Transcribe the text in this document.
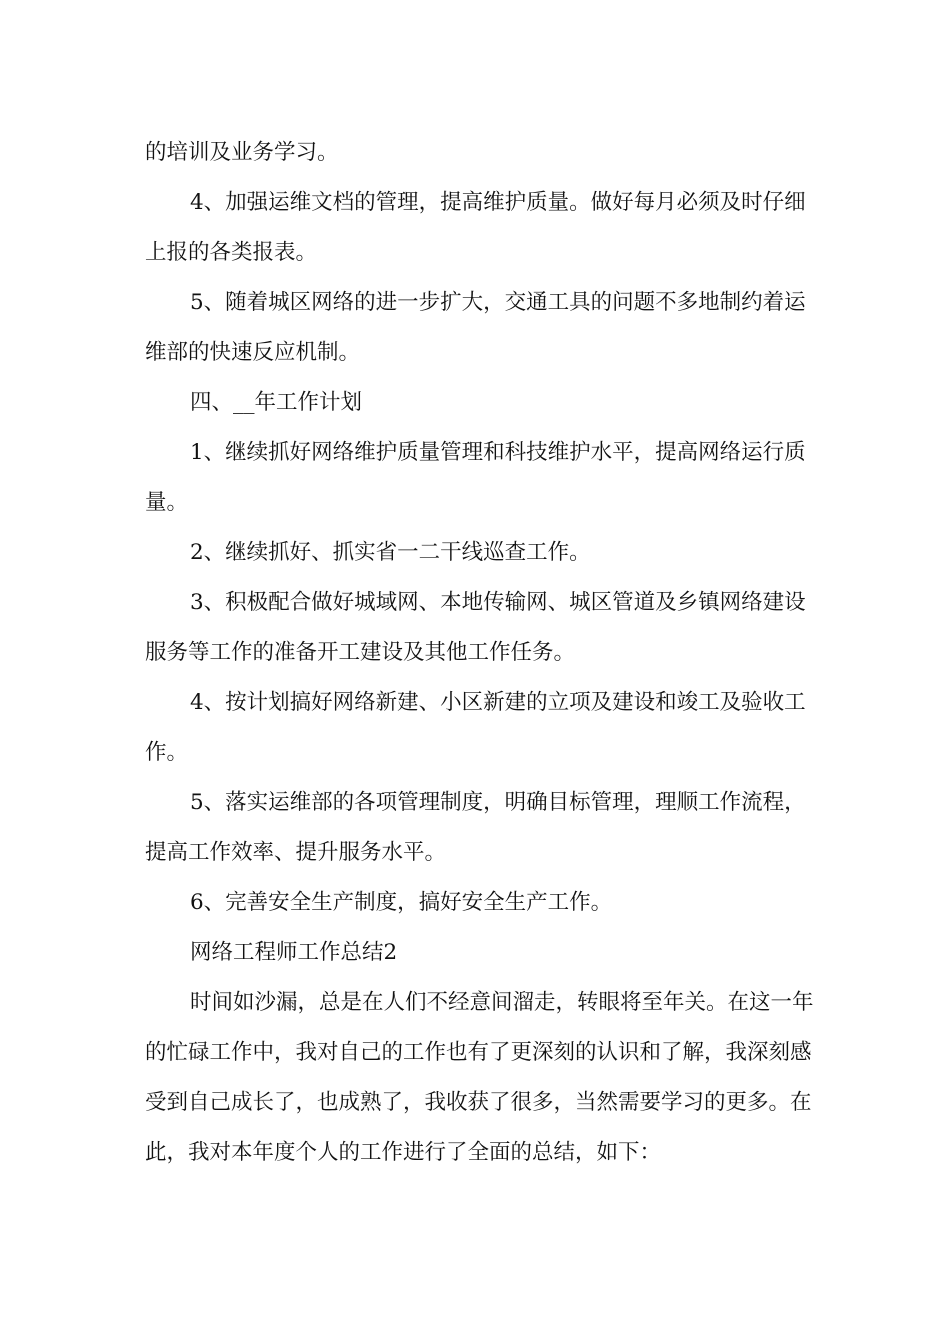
的培训及业务学习。

4、加强运维文档的管理，提高维护质量。做好每月必须及时仔细上报的各类报表。

5、随着城区网络的进一步扩大，交通工具的问题不多地制约着运维部的快速反应机制。

四、__年工作计划

1、继续抓好网络维护质量管理和科技维护水平，提高网络运行质量。

2、继续抓好、抓实省一二干线巡查工作。

3、积极配合做好城域网、本地传输网、城区管道及乡镇网络建设服务等工作的准备开工建设及其他工作任务。

4、按计划搞好网络新建、小区新建的立项及建设和竣工及验收工作。

5、落实运维部的各项管理制度，明确目标管理，理顺工作流程，提高工作效率、提升服务水平。

6、完善安全生产制度，搞好安全生产工作。

网络工程师工作总结2

时间如沙漏，总是在人们不经意间溜走，转眼将至年关。在这一年的忙碌工作中，我对自己的工作也有了更深刻的认识和了解，我深刻感受到自己成长了，也成熟了，我收获了很多，当然需要学习的更多。在此，我对本年度个人的工作进行了全面的总结，如下：
